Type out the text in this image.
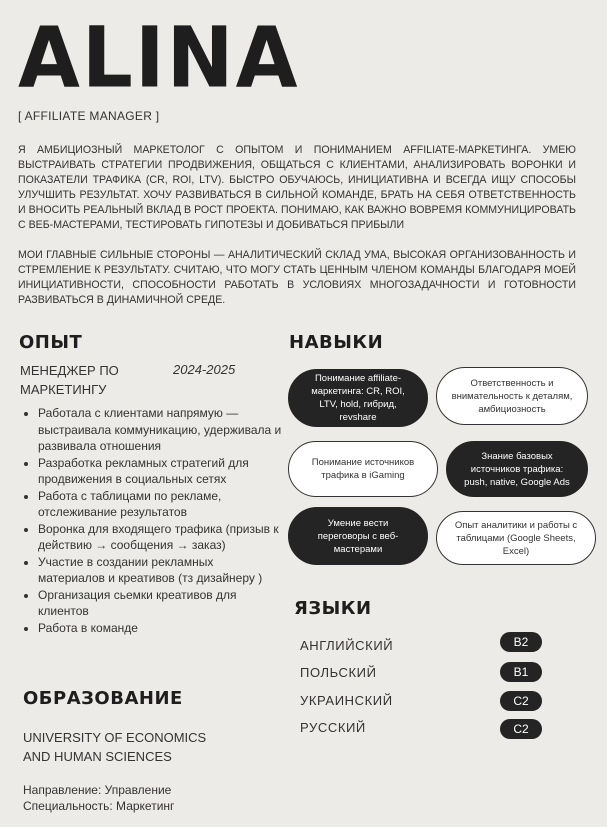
ALINA
[ AFFILIATE MANAGER ]
Я АМБИЦИОЗНЫЙ МАРКЕТОЛОГ С ОПЫТОМ И ПОНИМАНИЕМ AFFILIATE-МАРКЕТИНГА. УМЕЮ ВЫСТРАИВАТЬ СТРАТЕГИИ ПРОДВИЖЕНИЯ, ОБЩАТЬСЯ С КЛИЕНТАМИ, АНАЛИЗИРОВАТЬ ВОРОНКИ И ПОКАЗАТЕЛИ ТРАФИКА (CR, ROI, LTV). БЫСТРО ОБУЧАЮСЬ, ИНИЦИАТИВНА И ВСЕГДА ИЩУ СПОСОБЫ УЛУЧШИТЬ РЕЗУЛЬТАТ. ХОЧУ РАЗВИВАТЬСЯ В СИЛЬНОЙ КОМАНДЕ, БРАТЬ НА СЕБЯ ОТВЕТСТВЕННОСТЬ И ВНОСИТЬ РЕАЛЬНЫЙ ВКЛАД В РОСТ ПРОЕКТА. ПОНИМАЮ, КАК ВАЖНО ВОВРЕМЯ КОММУНИЦИРОВАТЬ С ВЕБ-МАСТЕРАМИ, ТЕСТИРОВАТЬ ГИПОТЕЗЫ И ДОБИВАТЬСЯ ПРИБЫЛИ
МОИ ГЛАВНЫЕ СИЛЬНЫЕ СТОРОНЫ — АНАЛИТИЧЕСКИЙ СКЛАД УМА, ВЫСОКАЯ ОРГАНИЗОВАННОСТЬ И СТРЕМЛЕНИЕ К РЕЗУЛЬТАТУ. СЧИТАЮ, ЧТО МОГУ СТАТЬ ЦЕННЫМ ЧЛЕНОМ КОМАНДЫ БЛАГОДАРЯ МОЕЙ ИНИЦИАТИВНОСТИ, СПОСОБНОСТИ РАБОТАТЬ В УСЛОВИЯХ МНОГОЗАДАЧНОСТИ И ГОТОВНОСТИ РАЗВИВАТЬСЯ В ДИНАМИЧНОЙ СРЕДЕ.
ОПЫТ
МЕНЕДЖЕР ПО МАРКЕТИНГУ
2024-2025
• Работала с клиентами напрямую — выстраивала коммуникацию, удерживала и развивала отношения
• Разработка рекламных стратегий для продвижения в социальных сетях
• Работа с таблицами по рекламе, отслеживание результатов
• Воронка для входящего трафика (призыв к действию → сообщения → заказ)
• Участие в создании рекламных материалов и креативов (тз дизайнеру )
• Организация сьемки креативов для клиентов
• Работа в команде
ОБРАЗОВАНИЕ
UNIVERSITY OF ECONOMICS AND HUMAN SCIENCES
Направление: Управление
Специальность: Маркетинг
НАВЫКИ
Понимание affiliate-маркетинга: CR, ROI, LTV, hold, гибрид, revshare
Ответственность и внимательность к деталям, амбициозность
Понимание источников трафика в iGaming
Знание базовых источников трафика: push, native, Google Ads
Умение вести переговоры с веб-мастерами
Опыт аналитики и работы с таблицами (Google Sheets, Excel)
ЯЗЫКИ
АНГЛИЙСКИЙ	B2
ПОЛЬСКИЙ	B1
УКРАИНСКИЙ	C2
РУССКИЙ	C2
